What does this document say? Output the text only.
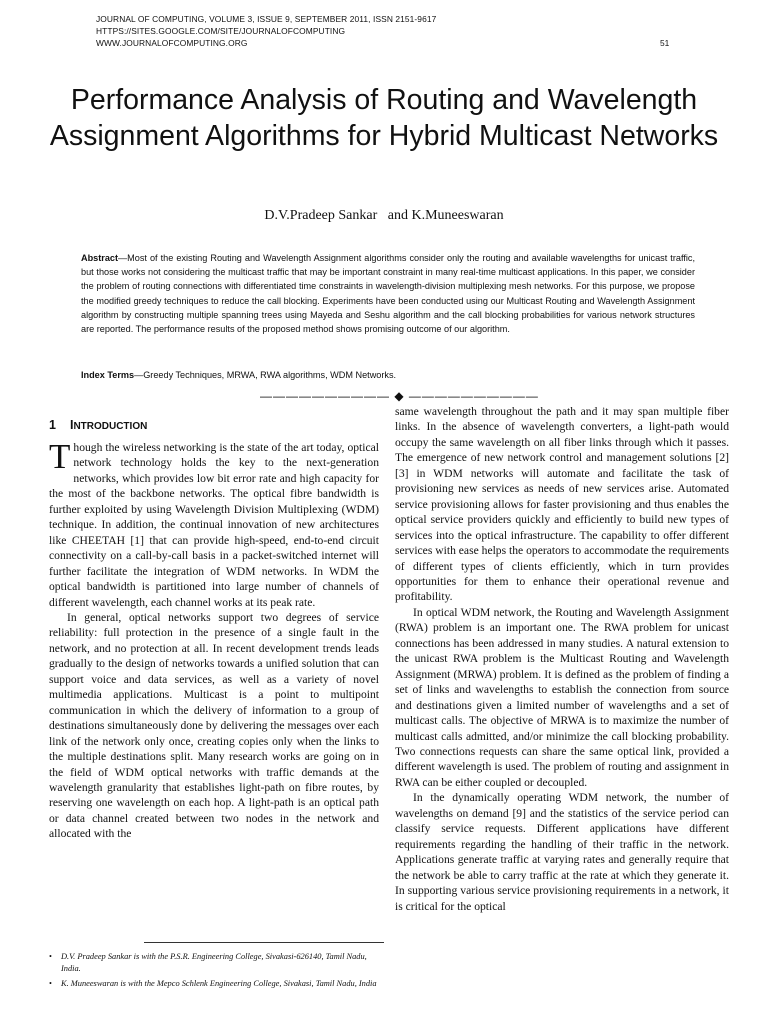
JOURNAL OF COMPUTING, VOLUME 3, ISSUE 9, SEPTEMBER 2011, ISSN 2151-9617
HTTPS://SITES.GOOGLE.COM/SITE/JOURNALOFCOMPUTING
WWW.JOURNALOFCOMPUTING.ORG	51
Performance Analysis of Routing and Wavelength Assignment Algorithms for Hybrid Multicast Networks
D.V.Pradeep Sankar   and K.Muneeswaran
Abstract—Most of the existing Routing and Wavelength Assignment algorithms consider only the routing and available wavelengths for unicast traffic, but those works not considering the multicast traffic that may be important constraint in many real-time multicast applications. In this paper, we consider the problem of routing connections with differentiated time constraints in wavelength-division multiplexing mesh networks. For this purpose, we propose the modified greedy techniques to reduce the call blocking. Experiments have been conducted using our Multicast Routing and Wavelength Assignment algorithm by constructing multiple spanning trees using Mayeda and Seshu algorithm and the call blocking probabilities for various network structures are reported. The performance results of the proposed method shows promising outcome of our algorithm.
Index Terms—Greedy Techniques, MRWA, RWA algorithms, WDM Networks.
—————————— ◆ ——————————
1 INTRODUCTION

Though the wireless networking is the state of the art today, optical network technology holds the key to the next-generation networks, which provides low bit error rate and high capacity for the most of the backbone networks. The optical fibre bandwidth is further exploited by using Wavelength Division Multiplexing (WDM) technique. In addition, the continual innovation of new architectures like CHEETAH [1] that can provide high-speed, end-to-end circuit connectivity on a call-by-call basis in a packet-switched internet will further facilitate the integration of WDM networks. In WDM the optical bandwidth is partitioned into large number of channels of different wavelength, each channel works at its peak rate.

In general, optical networks support two degrees of service reliability: full protection in the presence of a single fault in the network, and no protection at all. In recent development trends leads gradually to the design of networks towards a unified solution that can support voice and data services, as well as a variety of novel multimedia applications. Multicast is a point to multipoint communication in which the delivery of information to a group of destinations simultaneously done by delivering the messages over each link of the network only once, creating copies only when the links to the multiple destinations split. Many research works are going on in the field of WDM optical networks with traffic demands at the wavelength granularity that establishes light-path on fibre routes, by reserving one wavelength on each hop. A light-path is an optical path or data channel created between two nodes in the network and allocated with the

same wavelength throughout the path and it may span multiple fiber links. In the absence of wavelength converters, a light-path would occupy the same wavelength on all fiber links through which it passes. The emergence of new network control and management solutions [2][3] in WDM networks will automate and facilitate the task of provisioning new services as needs of new services arise. Automated service provisioning allows for faster provisioning and thus enables the optical service providers quickly and efficiently to build new types of services into the optical infrastructure. The capability to offer different services with ease helps the operators to accommodate the requirements of different types of clients efficiently, which in turn provides opportunities for them to enhance their operational revenue and profitability.

In optical WDM network, the Routing and Wavelength Assignment (RWA) problem is an important one. The RWA problem for unicast connections has been addressed in many studies. A natural extension to the unicast RWA problem is the Multicast Routing and Wavelength Assignment (MRWA) problem. It is defined as the problem of finding a set of links and wavelengths to establish the connection from source and destinations given a limited number of wavelengths and a set of multicast calls. The objective of MRWA is to maximize the number of multicast calls admitted, and/or minimize the call blocking probability. Two connections requests can share the same optical link, provided a different wavelength is used. The problem of routing and assignment in RWA can be either coupled or decoupled.

In the dynamically operating WDM network, the number of wavelengths on demand [9] and the statistics of the service period can classify service requests. Different applications have different requirements regarding the handling of their traffic in the network. Applications generate traffic at varying rates and generally require that the network be able to carry traffic at the rate at which they generate it. In supporting various service provisioning requirements in a network, it is critical for the optical

• D.V. Pradeep Sankar is with the P.S.R. Engineering College, Sivakasi-626140, Tamil Nadu, India.
• K. Muneeswaran is with the Mepco Schlenk Engineering College, Sivakasi, Tamil Nadu, India
